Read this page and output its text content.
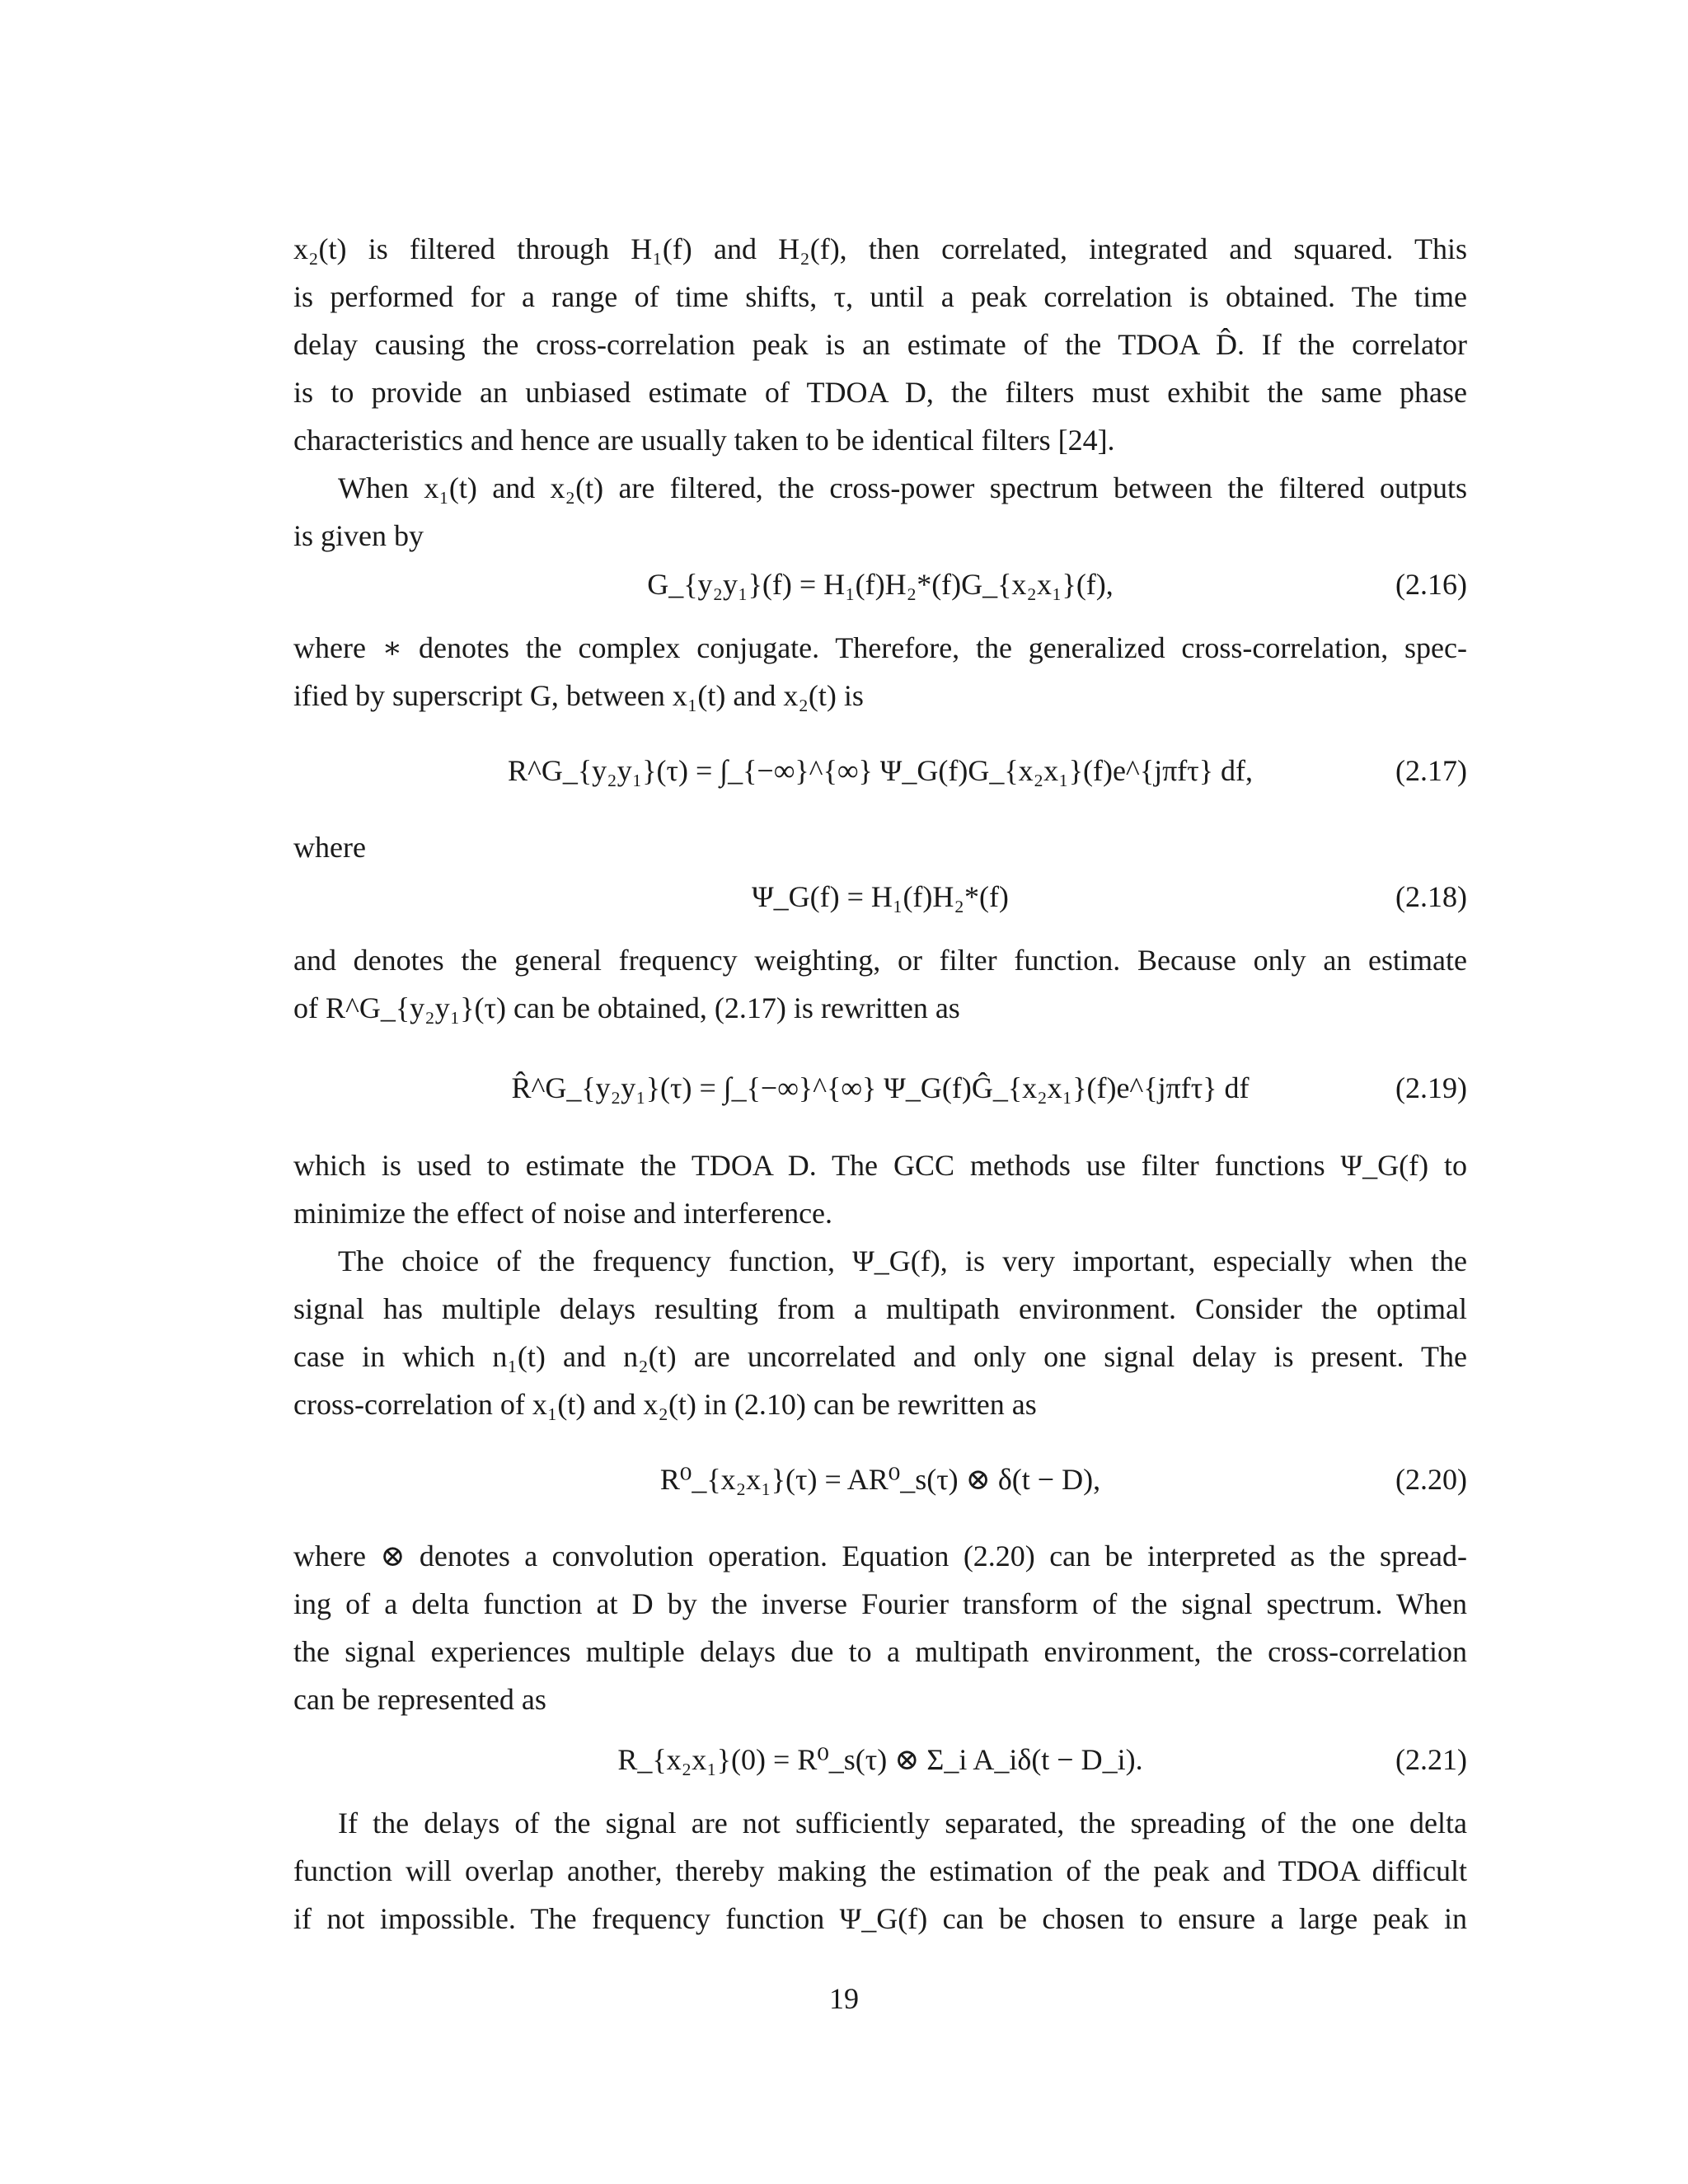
x₂(t) is filtered through H₁(f) and H₂(f), then correlated, integrated and squared. This
is performed for a range of time shifts, τ, until a peak correlation is obtained. The time
delay causing the cross-correlation peak is an estimate of the TDOA D̂. If the correlator
is to provide an unbiased estimate of TDOA D, the filters must exhibit the same phase
characteristics and hence are usually taken to be identical filters [24].
When x₁(t) and x₂(t) are filtered, the cross-power spectrum between the filtered outputs
is given by
G_{y₂y₁}(f) = H₁(f)H₂*(f)G_{x₂x₁}(f),	(2.16)
where ∗ denotes the complex conjugate. Therefore, the generalized cross-correlation, spec-
ified by superscript G, between x₁(t) and x₂(t) is
R^G_{y₂y₁}(τ) = ∫_{−∞}^{∞} Ψ_G(f)G_{x₂x₁}(f)e^{jπfτ} df,	(2.17)
where
Ψ_G(f) = H₁(f)H₂*(f)	(2.18)
and denotes the general frequency weighting, or filter function. Because only an estimate
of R^G_{y₂y₁}(τ) can be obtained, (2.17) is rewritten as
R̂^G_{y₂y₁}(τ) = ∫_{−∞}^{∞} Ψ_G(f)Ĝ_{x₂x₁}(f)e^{jπfτ} df	(2.19)
which is used to estimate the TDOA D. The GCC methods use filter functions Ψ_G(f) to
minimize the effect of noise and interference.
The choice of the frequency function, Ψ_G(f), is very important, especially when the
signal has multiple delays resulting from a multipath environment. Consider the optimal
case in which n₁(t) and n₂(t) are uncorrelated and only one signal delay is present. The
cross-correlation of x₁(t) and x₂(t) in (2.10) can be rewritten as
R⁰_{x₂x₁}(τ) = AR⁰_s(τ) ⊗ δ(t − D),	(2.20)
where ⊗ denotes a convolution operation. Equation (2.20) can be interpreted as the spread-
ing of a delta function at D by the inverse Fourier transform of the signal spectrum. When
the signal experiences multiple delays due to a multipath environment, the cross-correlation
can be represented as
R_{x₂x₁}(0) = R⁰_s(τ) ⊗ Σ_i A_iδ(t − D_i).	(2.21)
If the delays of the signal are not sufficiently separated, the spreading of the one delta
function will overlap another, thereby making the estimation of the peak and TDOA difficult
if not impossible. The frequency function Ψ_G(f) can be chosen to ensure a large peak in
19
